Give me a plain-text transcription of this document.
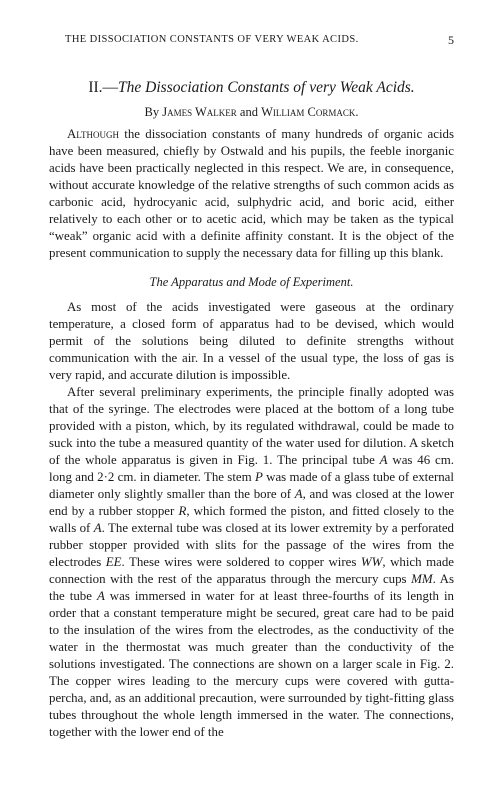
THE DISSOCIATION CONSTANTS OF VERY WEAK ACIDS.	5
II.—The Dissociation Constants of very Weak Acids.
By James Walker and William Cormack.

Although the dissociation constants of many hundreds of organic acids have been measured, chiefly by Ostwald and his pupils, the feeble inorganic acids have been practically neglected in this respect. We are, in consequence, without accurate knowledge of the relative strengths of such common acids as carbonic acid, hydrocyanic acid, sulphydric acid, and boric acid, either relatively to each other or to acetic acid, which may be taken as the typical “weak” organic acid with a definite affinity constant. It is the object of the present communication to supply the necessary data for filling up this blank.

The Apparatus and Mode of Experiment.

As most of the acids investigated were gaseous at the ordinary temperature, a closed form of apparatus had to be devised, which would permit of the solutions being diluted to definite strengths without communication with the air. In a vessel of the usual type, the loss of gas is very rapid, and accurate dilution is impossible.

After several preliminary experiments, the principle finally adopted was that of the syringe. The electrodes were placed at the bottom of a long tube provided with a piston, which, by its regulated withdrawal, could be made to suck into the tube a measured quantity of the water used for dilution. A sketch of the whole apparatus is given in Fig. 1. The principal tube A was 46 cm. long and 2·2 cm. in diameter. The stem P was made of a glass tube of external diameter only slightly smaller than the bore of A, and was closed at the lower end by a rubber stopper R, which formed the piston, and fitted closely to the walls of A. The external tube was closed at its lower extremity by a perforated rubber stopper provided with slits for the passage of the wires from the electrodes EE. These wires were soldered to copper wires WW, which made connection with the rest of the apparatus through the mercury cups MM. As the tube A was immersed in water for at least three-fourths of its length in order that a constant temperature might be secured, great care had to be paid to the insulation of the wires from the electrodes, as the conductivity of the water in the thermostat was much greater than the conductivity of the solutions investigated. The connections are shown on a larger scale in Fig. 2. The copper wires leading to the mercury cups were covered with gutta-percha, and, as an additional precaution, were surrounded by tight-fitting glass tubes throughout the whole length immersed in the water. The connections, together with the lower end of the
